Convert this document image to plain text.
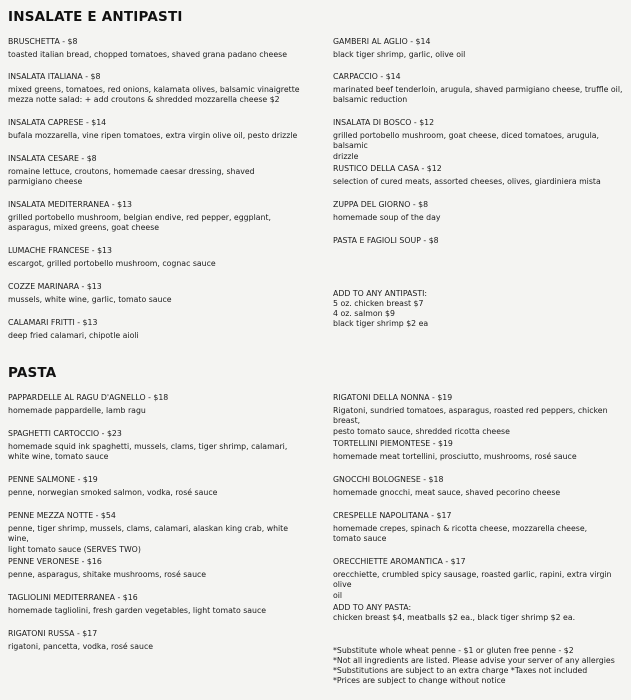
INSALATE E ANTIPASTI
BRUSCHETTA - $8
toasted italian bread, chopped tomatoes, shaved grana padano cheese
INSALATA ITALIANA - $8
mixed greens, tomatoes, red onions, kalamata olives, balsamic vinaigrette
mezza notte salad: + add croutons & shredded mozzarella cheese $2
INSALATA CAPRESE - $14
bufala mozzarella, vine ripen tomatoes, extra virgin olive oil, pesto drizzle
INSALATA CESARE - $8
romaine lettuce, croutons, homemade caesar dressing, shaved
parmigiano cheese
INSALATA MEDITERRANEA - $13
grilled portobello mushroom, belgian endive, red pepper, eggplant,
asparagus, mixed greens, goat cheese
LUMACHE FRANCESE - $13
escargot, grilled portobello mushroom, cognac sauce
COZZE MARINARA - $13
mussels, white wine, garlic, tomato sauce
CALAMARI FRITTI - $13
deep fried calamari, chipotle aioli
GAMBERI AL AGLIO - $14
black tiger shrimp, garlic, olive oil
CARPACCIO - $14
marinated beef tenderloin, arugula, shaved parmigiano cheese, truffle oil,
balsamic reduction
INSALATA DI BOSCO - $12
grilled portobello mushroom, goat cheese, diced tomatoes, arugula, balsamic
drizzle
RUSTICO DELLA CASA - $12
selection of cured meats, assorted cheeses, olives, giardiniera mista
ZUPPA DEL GIORNO - $8
homemade soup of the day
PASTA E FAGIOLI SOUP - $8
ADD TO ANY ANTIPASTI:
5 oz. chicken breast $7
4 oz. salmon $9
black tiger shrimp $2 ea
PASTA
PAPPARDELLE AL RAGU D'AGNELLO - $18
homemade pappardelle, lamb ragu
SPAGHETTI CARTOCCIO - $23
homemade squid ink spaghetti, mussels, clams, tiger shrimp, calamari,
white wine, tomato sauce
PENNE SALMONE - $19
penne, norwegian smoked salmon, vodka, rosé sauce
PENNE MEZZA NOTTE - $54
penne, tiger shrimp, mussels, clams, calamari, alaskan king crab, white wine,
light tomato sauce (SERVES TWO)
PENNE VERONESE - $16
penne, asparagus, shitake mushrooms, rosé sauce
TAGLIOLINI MEDITERRANEA - $16
homemade tagliolini, fresh garden vegetables, light tomato sauce
RIGATONI RUSSA - $17
rigatoni, pancetta, vodka, rosé sauce
RIGATONI DELLA NONNA - $19
Rigatoni, sundried tomatoes, asparagus, roasted red peppers, chicken breast,
pesto tomato sauce, shredded ricotta cheese
TORTELLINI PIEMONTESE - $19
homemade meat tortellini, prosciutto, mushrooms, rosé sauce
GNOCCHI BOLOGNESE - $18
homemade gnocchi, meat sauce, shaved pecorino cheese
CRESPELLE NAPOLITANA - $17
homemade crepes, spinach & ricotta cheese, mozzarella cheese,
tomato sauce
ORECCHIETTE AROMANTICA - $17
orecchiette, crumbled spicy sausage, roasted garlic, rapini, extra virgin olive
oil
ADD TO ANY PASTA:
chicken breast $4, meatballs $2 ea., black tiger shrimp $2 ea.
*Substitute whole wheat penne - $1 or gluten free penne - $2
*Not all ingredients are listed. Please advise your server of any allergies
*Substitutions are subject to an extra charge *Taxes not included
*Prices are subject to change without notice
